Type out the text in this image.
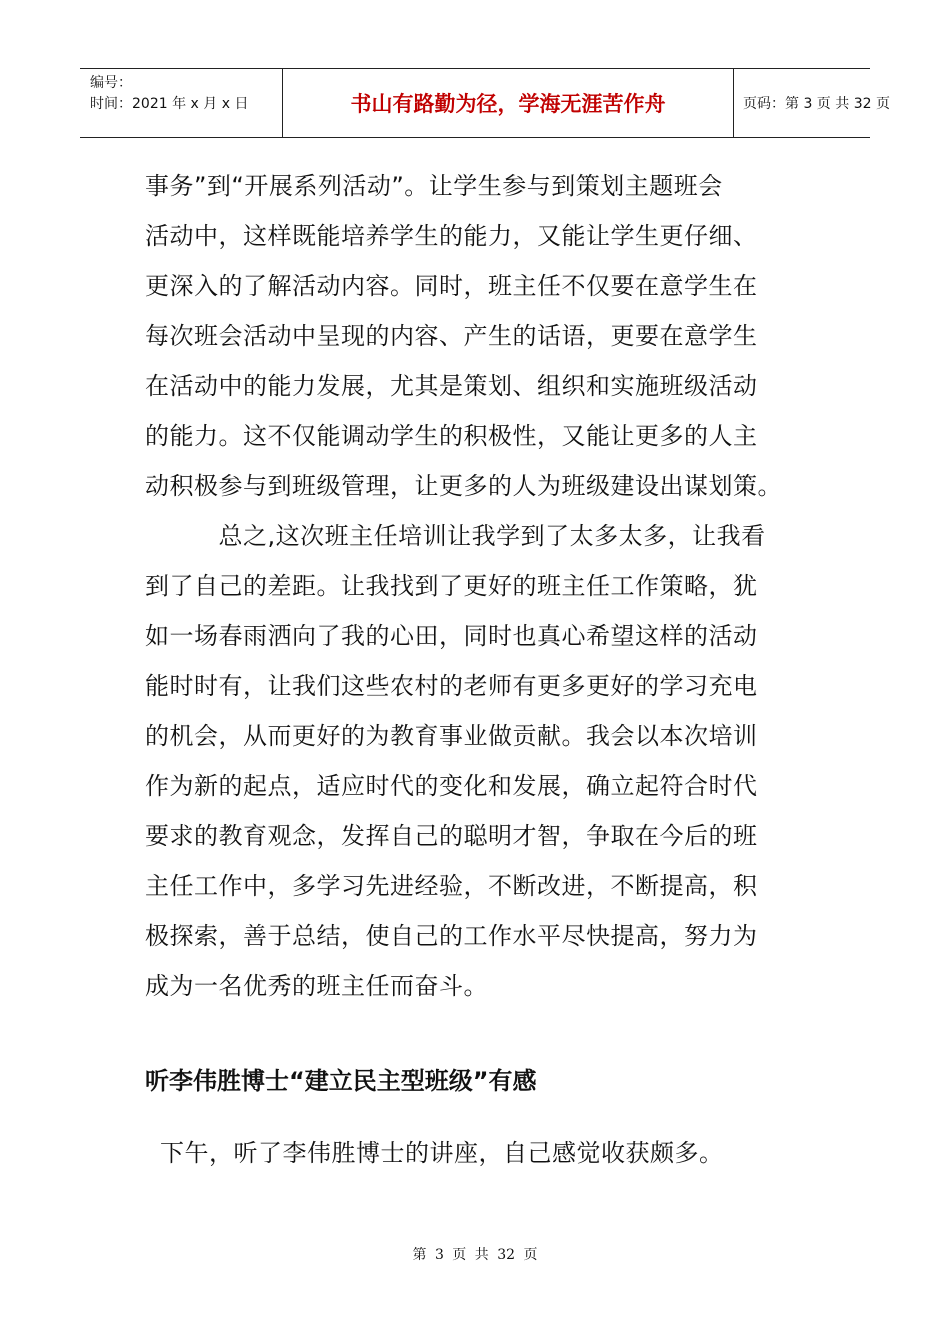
编号：
时间：2021 年 x 月 x 日	书山有路勤为径，学海无涯苦作舟	页码：第 3 页 共 32 页
事务”到“开展系列活动”。让学生参与到策划主题班会
活动中，这样既能培养学生的能力，又能让学生更仔细、
更深入的了解活动内容。同时，班主任不仅要在意学生在
每次班会活动中呈现的内容、产生的话语，更要在意学生
在活动中的能力发展，尤其是策划、组织和实施班级活动
的能力。这不仅能调动学生的积极性，又能让更多的人主
动积极参与到班级管理，让更多的人为班级建设出谋划策。
　　　总之,这次班主任培训让我学到了太多太多，让我看
到了自己的差距。让我找到了更好的班主任工作策略，犹
如一场春雨洒向了我的心田，同时也真心希望这样的活动
能时时有，让我们这些农村的老师有更多更好的学习充电
的机会，从而更好的为教育事业做贡献。我会以本次培训
作为新的起点，适应时代的变化和发展，确立起符合时代
要求的教育观念，发挥自己的聪明才智，争取在今后的班
主任工作中，多学习先进经验，不断改进，不断提高，积
极探索，善于总结，使自己的工作水平尽快提高，努力为
成为一名优秀的班主任而奋斗。
听李伟胜博士“建立民主型班级”有感
下午，听了李伟胜博士的讲座，自己感觉收获颇多。
第 3 页 共 32 页
